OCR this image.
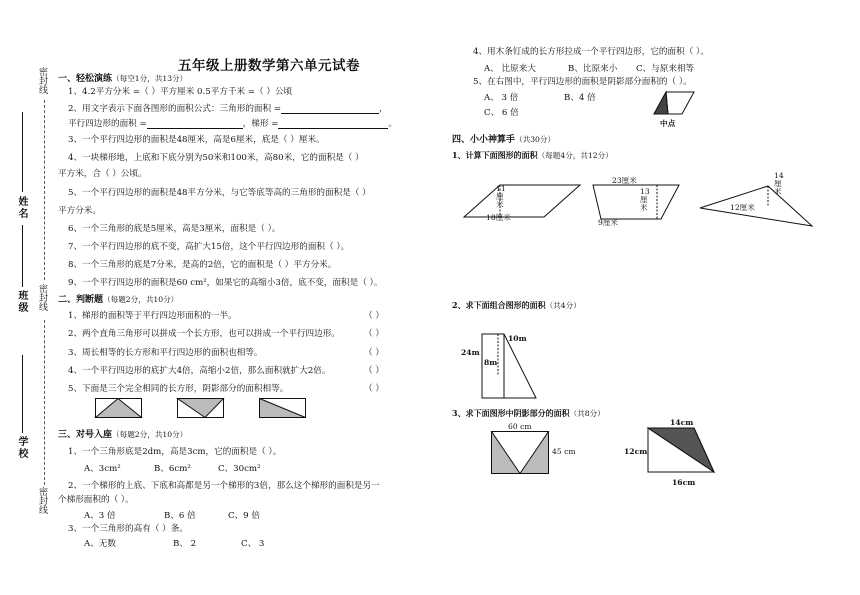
密封线
姓名
密封线
班级
学校
密封线
五年级上册数学第六单元试卷
一、轻松演练（每空1分，共13分）
1、4.2平方分米 =（ ）平方厘米 0.5平方千米 =（ ）公顷
2、用文字表示下面各图形的面积公式：三角形的面积 =	，
平行四边形的面积 =	，梯形 =	。
3、一个平行四边形的面积是48厘米，高是6厘米，底是（ ）厘米。
4、一块梯形地，上底和下底分别为50米和100米，高80米，它的面积是（ ）
平方米，合（ ）公顷。
5、一个平行四边形的面积是48平方分米，与它等底等高的三角形的面积是（ ）
平方分米。
6、一个三角形的底是5厘米，高是3厘米，面积是（ ）。
7、一个平行四边形的底不变，高扩大15倍，这个平行四边形的面积（ ）。
8、一个三角形的底是7分米，是高的2倍，它的面积是（ ）平方分米。
9、一个平行四边形的面积是60 cm²，如果它的高缩小3倍，底不变，面积是（ ）。
二、判断题（每题2分，共10分）
1、梯形的面积等于平行四边形面积的一半。	（ ）
2、两个直角三角形可以拼成一个长方形，也可以拼成一个平行四边形。	（ ）
3、周长相等的长方形和平行四边形的面积也相等。	（ ）
4、一个平行四边形的底扩大4倍，高缩小2倍，那么面积就扩大2倍。	（ ）
5、下面是三个完全相同的长方形，阴影部分的面积相等。	（ ）
三、对号入座（每题2分，共10分）
1、一个三角形底是2dm，高是3cm，它的面积是（ ）。
A、3cm²	B、6cm²	C、30cm²
2、一个梯形的上底、下底和高都是另一个梯形的3倍，那么这个梯形的面积是另一
个梯形面积的（ ）。
A、3 倍	B、6 倍	C、9 倍
3、一个三角形的高有（ ）条。
A、无数	B、 2	C、 3
4、用木条钉成的长方形拉成一个平行四边形，它的面积（ ）。
A、 比原来大	B、比原来小 C、与原来相等
5、在右图中，平行四边形的面积是阴影部分面积的（ ）。
A、 3 倍	B、4 倍
C、 6 倍
中点
四、小小神算手（共30分）
1、计算下面图形的面积（每题4分，共12分）
11
厘
米
18厘米
23厘米
13
厘
米
9厘米
14
厘
米
12厘米
2、求下面组合图形的面积（共4分）
10m
24m
8m
3、求下面图形中阴影部分的面积（共8分）
60 cm
45 cm
14cm
12cm
16cm
